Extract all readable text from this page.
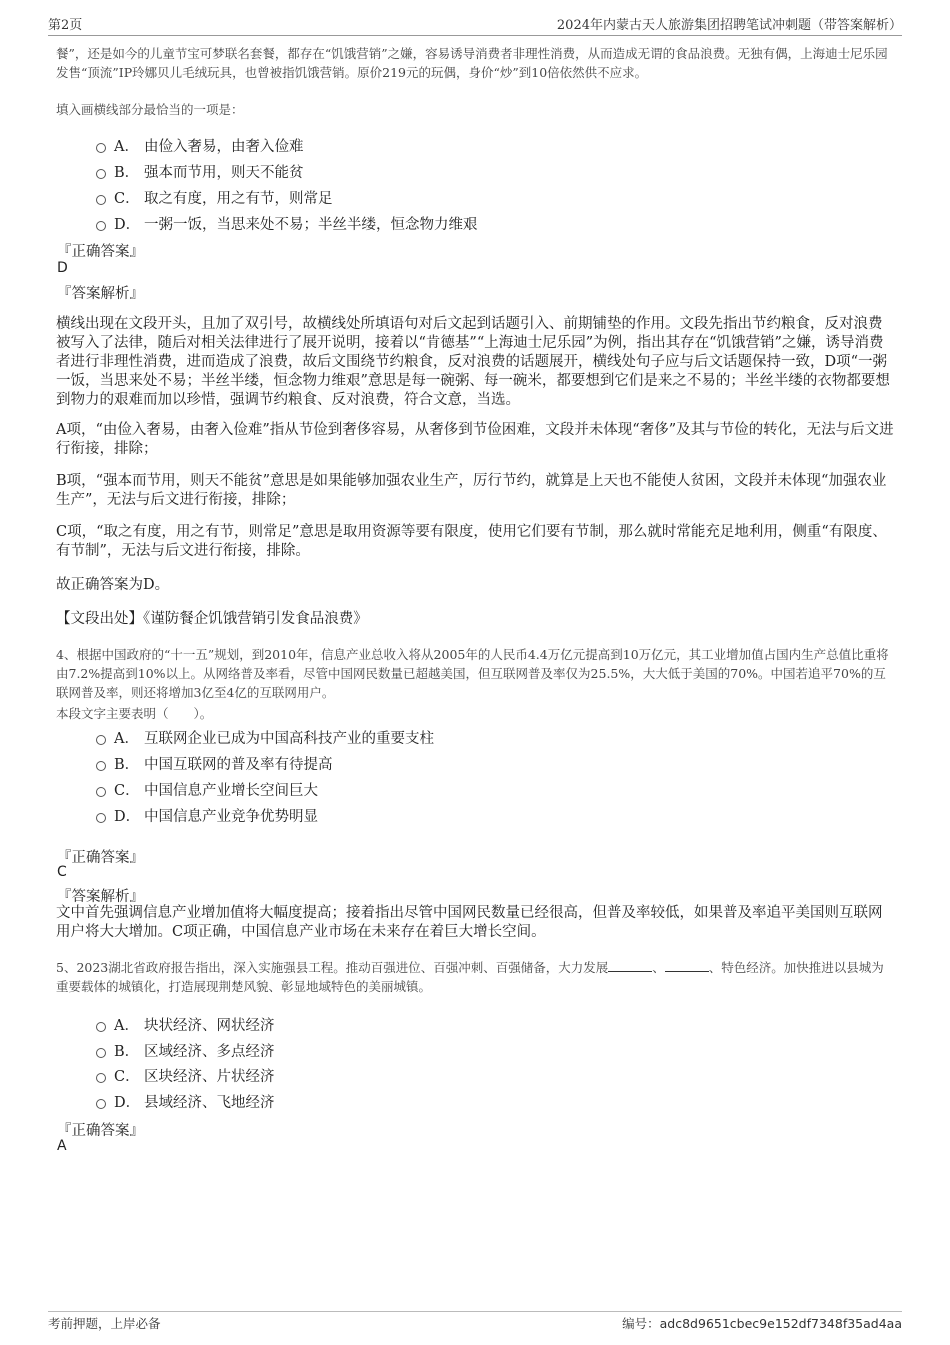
第2页	2024年内蒙古天人旅游集团招聘笔试冲刺题（带答案解析）
餐”，还是如今的儿童节宝可梦联名套餐，都存在“饥饿营销”之嫌，容易诱导消费者非理性消费，从而造成无谓的食品浪费。无独有偶，上海迪士尼乐园发售“顶流”IP玲娜贝儿毛绒玩具，也曾被指饥饿营销。原价219元的玩偶，身价“炒”到10倍依然供不应求。
填入画横线部分最恰当的一项是：
A． 由俭入奢易，由奢入俭难
B． 强本而节用，则天不能贫
C． 取之有度，用之有节，则常足
D． 一粥一饭，当思来处不易；半丝半缕，恒念物力维艰
『正确答案』
D
『答案解析』
横线出现在文段开头，且加了双引号，故横线处所填语句对后文起到话题引入、前期铺垫的作用。文段先指出节约粮食，反对浪费被写入了法律，随后对相关法律进行了展开说明，接着以“肯德基”“上海迪士尼乐园”为例，指出其存在“饥饿营销”之嫌，诱导消费者进行非理性消费，进而造成了浪费，故后文围绕节约粮食，反对浪费的话题展开，横线处句子应与后文话题保持一致，D项“一粥一饭，当思来处不易；半丝半缕，恒念物力维艰”意思是每一碗粥、每一碗米，都要想到它们是来之不易的；半丝半缕的衣物都要想到物力的艰难而加以珍惜，强调节约粮食、反对浪费，符合文意，当选。
A项，“由俭入奢易，由奢入俭难”指从节俭到奢侈容易，从奢侈到节俭困难，文段并未体现“奢侈”及其与节俭的转化，无法与后文进行衔接，排除；
B项，“强本而节用，则天不能贫”意思是如果能够加强农业生产，厉行节约，就算是上天也不能使人贫困，文段并未体现“加强农业生产”，无法与后文进行衔接，排除；
C项，“取之有度，用之有节，则常足”意思是取用资源等要有限度，使用它们要有节制，那么就时常能充足地利用，侧重“有限度、有节制”，无法与后文进行衔接，排除。
故正确答案为D。
【文段出处】《谨防餐企饥饿营销引发食品浪费》
4、根据中国政府的“十一五”规划，到2010年，信息产业总收入将从2005年的人民币4.4万亿元提高到10万亿元，其工业增加值占国内生产总值比重将由7.2%提高到10%以上。从网络普及率看，尽管中国网民数量已超越美国，但互联网普及率仅为25.5%，大大低于美国的70%。中国若追平70%的互联网普及率，则还将增加3亿至4亿的互联网用户。
本段文字主要表明（　　）。
A． 互联网企业已成为中国高科技产业的重要支柱
B． 中国互联网的普及率有待提高
C． 中国信息产业增长空间巨大
D． 中国信息产业竞争优势明显
『正确答案』
C
『答案解析』
文中首先强调信息产业增加值将大幅度提高；接着指出尽管中国网民数量已经很高，但普及率较低，如果普及率追平美国则互联网用户将大大增加。C项正确，中国信息产业市场在未来存在着巨大增长空间。
5、2023湖北省政府报告指出，深入实施强县工程。推动百强进位、百强冲刺、百强储备，大力发展	、	、特色经济。加快推进以县城为重要载体的城镇化，打造展现荆楚风貌、彰显地域特色的美丽城镇。
A． 块状经济、网状经济
B． 区域经济、多点经济
C． 区块经济、片状经济
D． 县域经济、飞地经济
『正确答案』
A
考前押题，上岸必备	编号：adc8d9651cbec9e152df7348f35ad4aa
